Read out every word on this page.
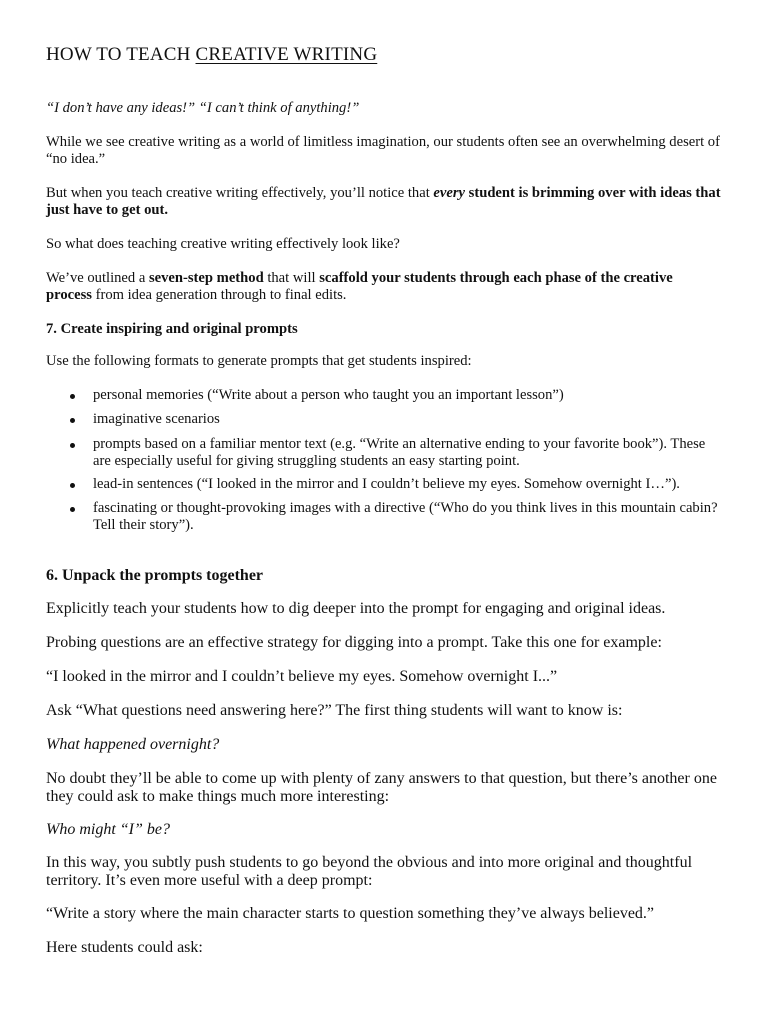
HOW TO TEACH CREATIVE WRITING

“I don’t have any ideas!” “I can’t think of anything!”

While we see creative writing as a world of limitless imagination, our students often see an overwhelming desert of “no idea.”

But when you teach creative writing effectively, you’ll notice that every student is brimming over with ideas that just have to get out.

So what does teaching creative writing effectively look like?

We’ve outlined a seven-step method that will scaffold your students through each phase of the creative process from idea generation through to final edits.

7. Create inspiring and original prompts

Use the following formats to generate prompts that get students inspired:

personal memories (“Write about a person who taught you an important lesson”)
imaginative scenarios
prompts based on a familiar mentor text (e.g. “Write an alternative ending to your favorite book”). These are especially useful for giving struggling students an easy starting point.
lead-in sentences (“I looked in the mirror and I couldn’t believe my eyes. Somehow overnight I…”).
fascinating or thought-provoking images with a directive (“Who do you think lives in this mountain cabin? Tell their story”).
6. Unpack the prompts together

Explicitly teach your students how to dig deeper into the prompt for engaging and original ideas.

Probing questions are an effective strategy for digging into a prompt. Take this one for example:

“I looked in the mirror and I couldn’t believe my eyes. Somehow overnight I...”

Ask “What questions need answering here?” The first thing students will want to know is:

What happened overnight?

No doubt they’ll be able to come up with plenty of zany answers to that question, but there’s another one they could ask to make things much more interesting:

Who might “I” be?

In this way, you subtly push students to go beyond the obvious and into more original and thoughtful territory. It’s even more useful with a deep prompt:

“Write a story where the main character starts to question something they’ve always believed.”

Here students could ask:
